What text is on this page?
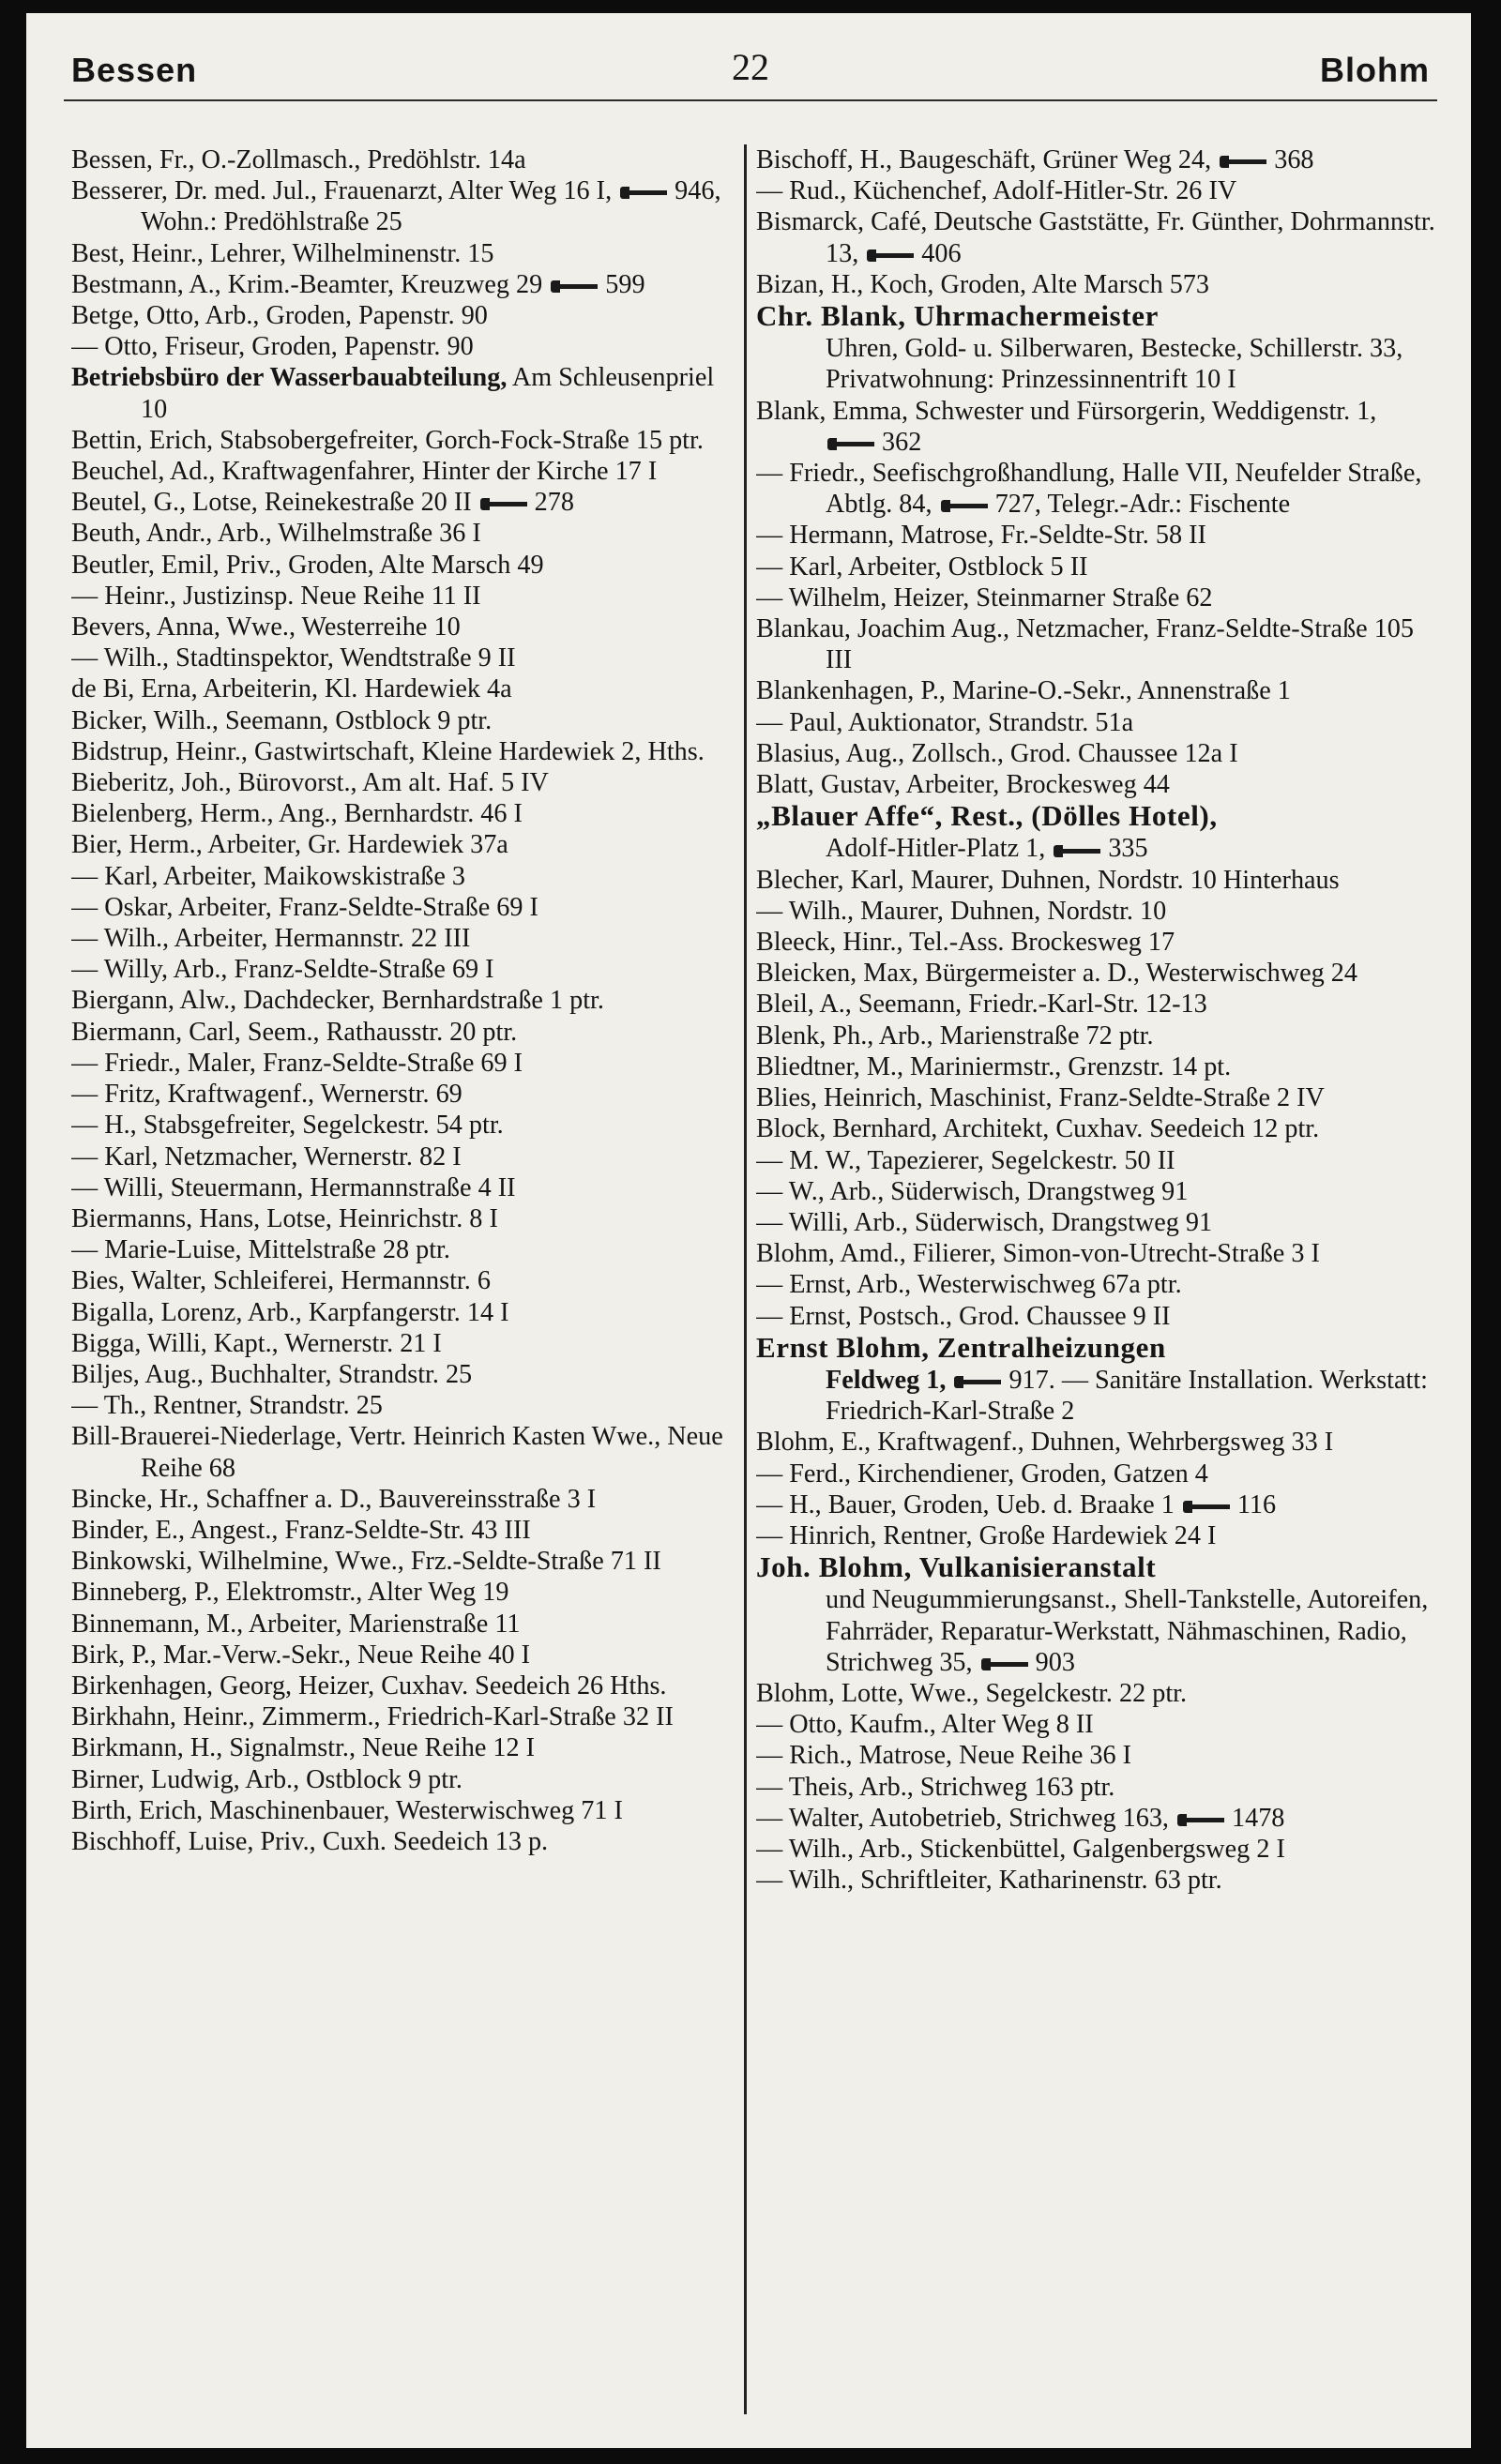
Bessen	22	Blohm
Bessen, Fr., O.-Zollmasch., Predöhlstr. 14a
Besserer, Dr. med. Jul., Frauenarzt, Alter Weg 16 I, 946, Wohn.: Predöhlstraße 25
Best, Heinr., Lehrer, Wilhelminenstr. 15
Bestmann, A., Krim.-Beamter, Kreuzweg 29 599
Betge, Otto, Arb., Groden, Papenstr. 90
— Otto, Friseur, Groden, Papenstr. 90
Betriebsbüro der Wasserbauabteilung, Am Schleusenpriel 10
Bettin, Erich, Stabsobergefreiter, Gorch-Fock-Straße 15 ptr.
Beuchel, Ad., Kraftwagenfahrer, Hinter der Kirche 17 I
Beutel, G., Lotse, Reinekestraße 20 II 278
Beuth, Andr., Arb., Wilhelmstraße 36 I
Beutler, Emil, Priv., Groden, Alte Marsch 49
— Heinr., Justizinsp. Neue Reihe 11 II
Bevers, Anna, Wwe., Westerreihe 10
— Wilh., Stadtinspektor, Wendtstraße 9 II
de Bi, Erna, Arbeiterin, Kl. Hardewiek 4a
Bicker, Wilh., Seemann, Ostblock 9 ptr.
Bidstrup, Heinr., Gastwirtschaft, Kleine Hardewiek 2, Hths.
Bieberitz, Joh., Bürovorst., Am alt. Haf. 5 IV
Bielenberg, Herm., Ang., Bernhardstr. 46 I
Bier, Herm., Arbeiter, Gr. Hardewiek 37a
— Karl, Arbeiter, Maikowskistraße 3
— Oskar, Arbeiter, Franz-Seldte-Straße 69 I
— Wilh., Arbeiter, Hermannstr. 22 III
— Willy, Arb., Franz-Seldte-Straße 69 I
Biergann, Alw., Dachdecker, Bernhardstraße 1 ptr.
Biermann, Carl, Seem., Rathausstr. 20 ptr.
— Friedr., Maler, Franz-Seldte-Straße 69 I
— Fritz, Kraftwagenf., Wernerstr. 69
— H., Stabsgefreiter, Segelckestr. 54 ptr.
— Karl, Netzmacher, Wernerstr. 82 I
— Willi, Steuermann, Hermannstraße 4 II
Biermanns, Hans, Lotse, Heinrichstr. 8 I
— Marie-Luise, Mittelstraße 28 ptr.
Bies, Walter, Schleiferei, Hermannstr. 6
Bigalla, Lorenz, Arb., Karpfangerstr. 14 I
Bigga, Willi, Kapt., Wernerstr. 21 I
Biljes, Aug., Buchhalter, Strandstr. 25
— Th., Rentner, Strandstr. 25
Bill-Brauerei-Niederlage, Vertr. Heinrich Kasten Wwe., Neue Reihe 68
Bincke, Hr., Schaffner a. D., Bauvereinsstraße 3 I
Binder, E., Angest., Franz-Seldte-Str. 43 III
Binkowski, Wilhelmine, Wwe., Frz.-Seldte-Straße 71 II
Binneberg, P., Elektromstr., Alter Weg 19
Binnemann, M., Arbeiter, Marienstraße 11
Birk, P., Mar.-Verw.-Sekr., Neue Reihe 40 I
Birkenhagen, Georg, Heizer, Cuxhav. Seedeich 26 Hths.
Birkhahn, Heinr., Zimmerm., Friedrich-Karl-Straße 32 II
Birkmann, H., Signalmstr., Neue Reihe 12 I
Birner, Ludwig, Arb., Ostblock 9 ptr.
Birth, Erich, Maschinenbauer, Westerwischweg 71 I
Bischhoff, Luise, Priv., Cuxh. Seedeich 13 p.
Bischoff, H., Baugeschäft, Grüner Weg 24, 368
— Rud., Küchenchef, Adolf-Hitler-Str. 26 IV
Bismarck, Café, Deutsche Gaststätte, Fr. Günther, Dohrmannstr. 13, 406
Bizan, H., Koch, Groden, Alte Marsch 573
Chr. Blank, Uhrmachermeister
Uhren, Gold- u. Silberwaren, Bestecke, Schillerstr. 33, Privatwohnung: Prinzessinnentrift 10 I
Blank, Emma, Schwester und Fürsorgerin, Weddigenstr. 1, 362
— Friedr., Seefischgroßhandlung, Halle VII, Neufelder Straße, Abtlg. 84, 727, Telegr.-Adr.: Fischente
— Hermann, Matrose, Fr.-Seldte-Str. 58 II
— Karl, Arbeiter, Ostblock 5 II
— Wilhelm, Heizer, Steinmarner Straße 62
Blankau, Joachim Aug., Netzmacher, Franz-Seldte-Straße 105 III
Blankenhagen, P., Marine-O.-Sekr., Annenstraße 1
— Paul, Auktionator, Strandstr. 51a
Blasius, Aug., Zollsch., Grod. Chaussee 12a I
Blatt, Gustav, Arbeiter, Brockesweg 44
„Blauer Affe“, Rest., (Dölles Hotel),
Adolf-Hitler-Platz 1, 335
Blecher, Karl, Maurer, Duhnen, Nordstr. 10 Hinterhaus
— Wilh., Maurer, Duhnen, Nordstr. 10
Bleeck, Hinr., Tel.-Ass. Brockesweg 17
Bleicken, Max, Bürgermeister a. D., Westerwischweg 24
Bleil, A., Seemann, Friedr.-Karl-Str. 12-13
Blenk, Ph., Arb., Marienstraße 72 ptr.
Bliedtner, M., Mariniermstr., Grenzstr. 14 pt.
Blies, Heinrich, Maschinist, Franz-Seldte-Straße 2 IV
Block, Bernhard, Architekt, Cuxhav. Seedeich 12 ptr.
— M. W., Tapezierer, Segelckestr. 50 II
— W., Arb., Süderwisch, Drangstweg 91
— Willi, Arb., Süderwisch, Drangstweg 91
Blohm, Amd., Filierer, Simon-von-Utrecht-Straße 3 I
— Ernst, Arb., Westerwischweg 67a ptr.
— Ernst, Postsch., Grod. Chaussee 9 II
Ernst Blohm, Zentralheizungen
Feldweg 1, 917. — Sanitäre Installation. Werkstatt: Friedrich-Karl-Straße 2
Blohm, E., Kraftwagenf., Duhnen, Wehrbergsweg 33 I
— Ferd., Kirchendiener, Groden, Gatzen 4
— H., Bauer, Groden, Ueb. d. Braake 1 116
— Hinrich, Rentner, Große Hardewiek 24 I
Joh. Blohm, Vulkanisieranstalt
und Neugummierungsanst., Shell-Tankstelle, Autoreifen, Fahrräder, Reparatur-Werkstatt, Nähmaschinen, Radio, Strichweg 35, 903
Blohm, Lotte, Wwe., Segelckestr. 22 ptr.
— Otto, Kaufm., Alter Weg 8 II
— Rich., Matrose, Neue Reihe 36 I
— Theis, Arb., Strichweg 163 ptr.
— Walter, Autobetrieb, Strichweg 163, 1478
— Wilh., Arb., Stickenbüttel, Galgenbergsweg 2 I
— Wilh., Schriftleiter, Katharinenstr. 63 ptr.
